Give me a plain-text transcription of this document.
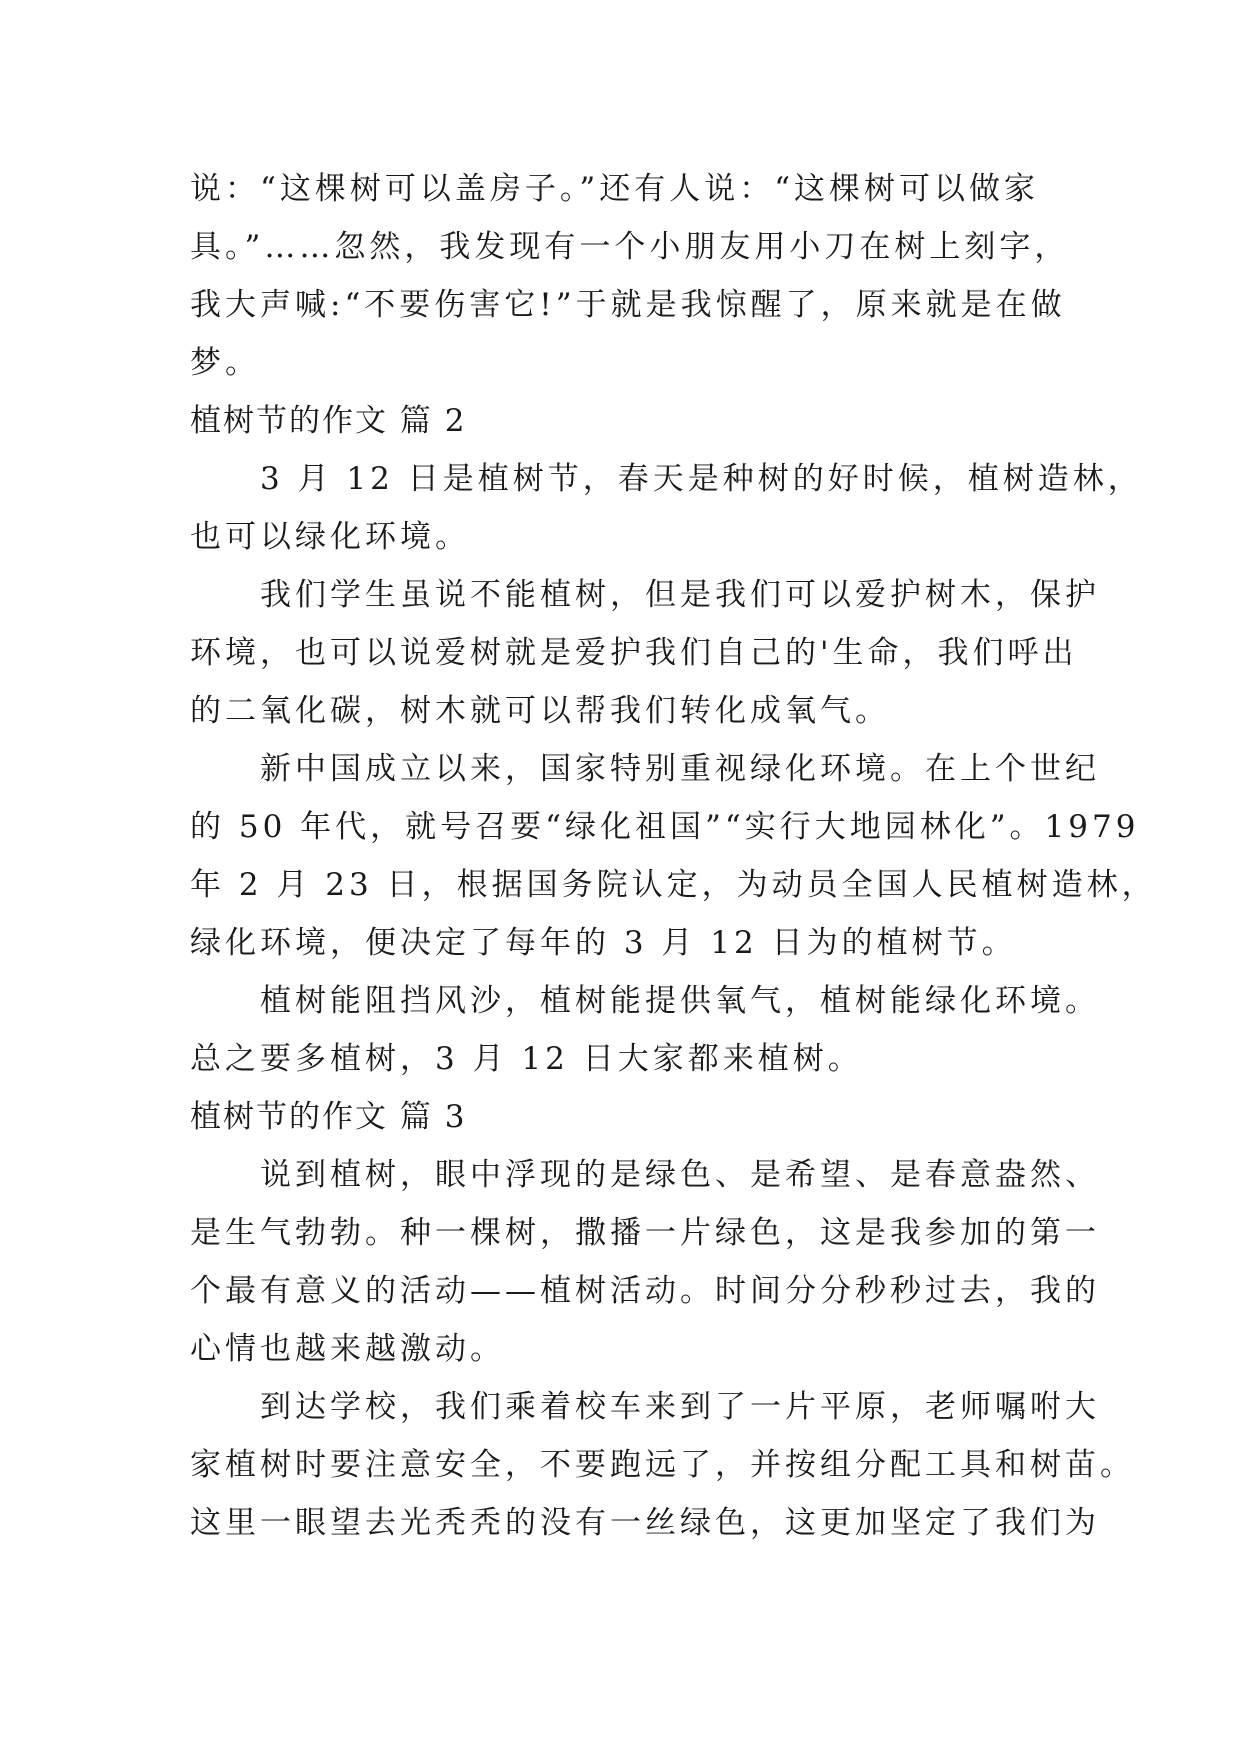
说：“这棵树可以盖房子。”还有人说：“这棵树可以做家
具。”……忽然，我发现有一个小朋友用小刀在树上刻字，
我大声喊:“不要伤害它!”于就是我惊醒了，原来就是在做
梦。
植树节的作文 篇 2
3 月 12 日是植树节，春天是种树的好时候，植树造林，
也可以绿化环境。
我们学生虽说不能植树，但是我们可以爱护树木，保护
环境，也可以说爱树就是爱护我们自己的'生命，我们呼出
的二氧化碳，树木就可以帮我们转化成氧气。
新中国成立以来，国家特别重视绿化环境。在上个世纪
的 50 年代，就号召要“绿化祖国”“实行大地园林化”。1979
年 2 月 23 日，根据国务院认定，为动员全国人民植树造林，
绿化环境，便决定了每年的 3 月 12 日为的植树节。
植树能阻挡风沙，植树能提供氧气，植树能绿化环境。
总之要多植树，3 月 12 日大家都来植树。
植树节的作文 篇 3
说到植树，眼中浮现的是绿色、是希望、是春意盎然、
是生气勃勃。种一棵树，撒播一片绿色，这是我参加的第一
个最有意义的活动——植树活动。时间分分秒秒过去，我的
心情也越来越激动。
到达学校，我们乘着校车来到了一片平原，老师嘱咐大
家植树时要注意安全，不要跑远了，并按组分配工具和树苗。
这里一眼望去光秃秃的没有一丝绿色，这更加坚定了我们为
